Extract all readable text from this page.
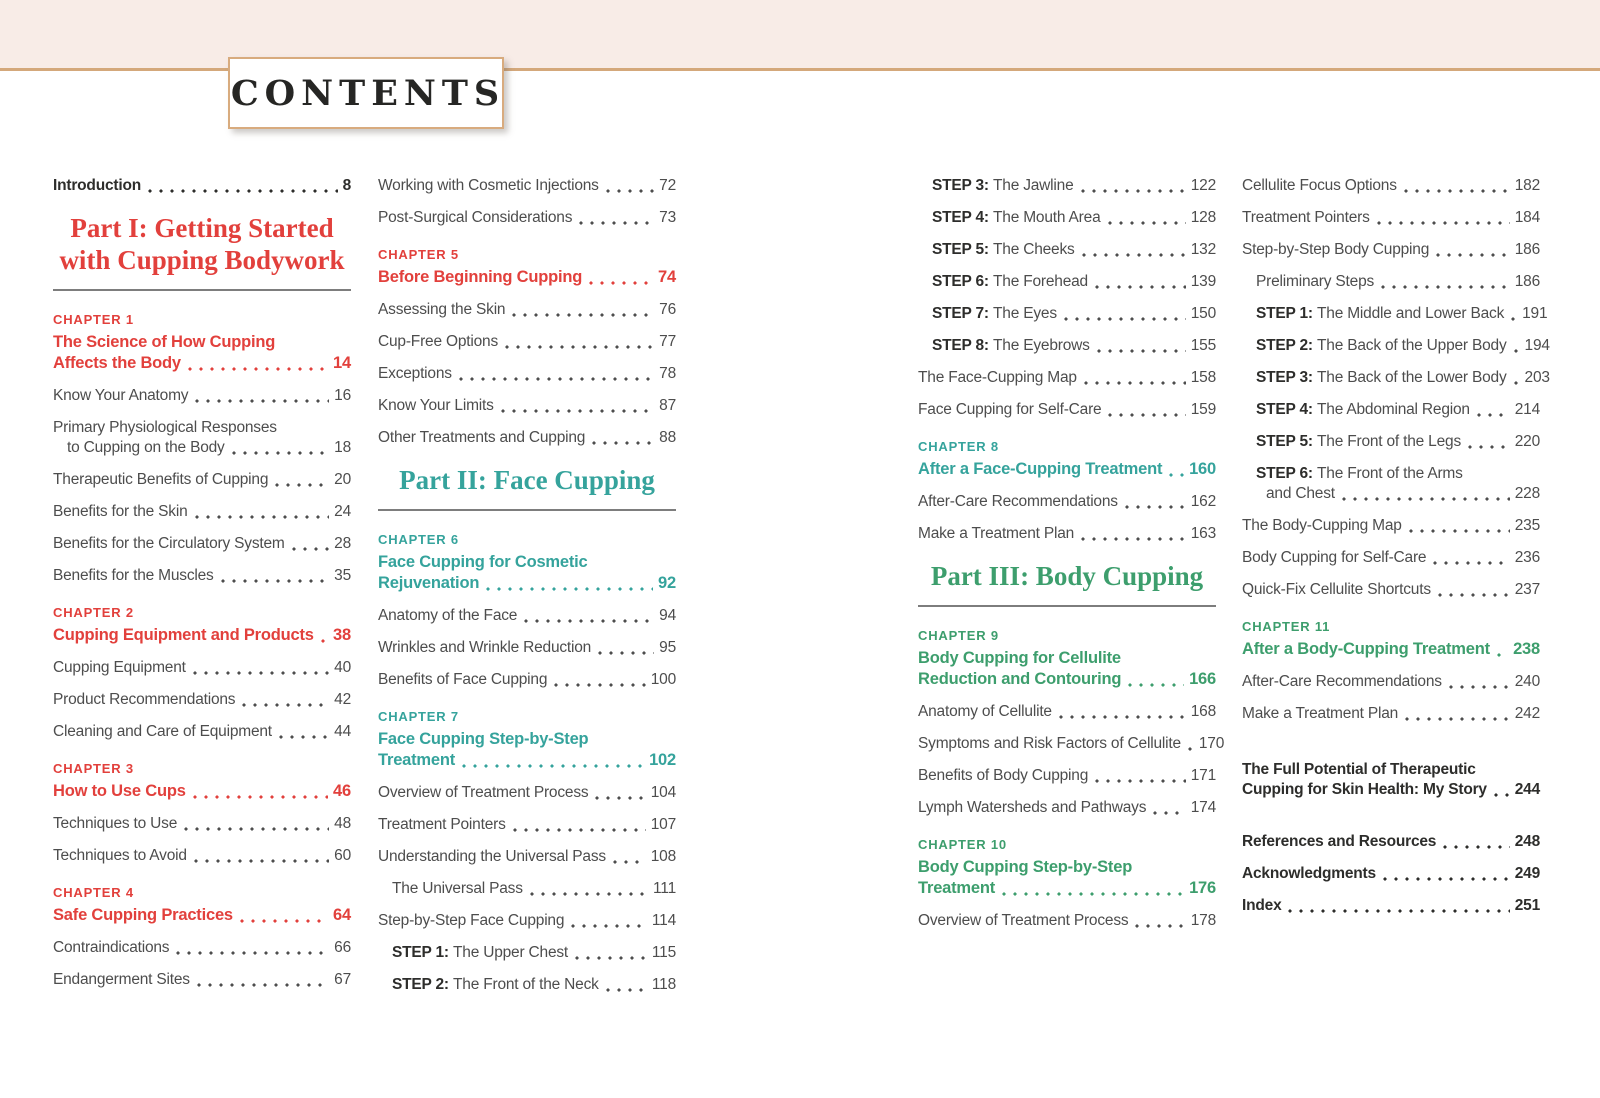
CONTENTS
Introduction	8
Part I: Getting Started
with Cupping Bodywork
CHAPTER 1
The Science of How Cupping
Affects the Body	14
Know Your Anatomy	16
Primary Physiological Responses
to Cupping on the Body	18
Therapeutic Benefits of Cupping	20
Benefits for the Skin	24
Benefits for the Circulatory System	28
Benefits for the Muscles	35
CHAPTER 2
Cupping Equipment and Products 38
Cupping Equipment	40
Product Recommendations	42
Cleaning and Care of Equipment	44
CHAPTER 3
How to Use Cups	46
Techniques to Use	48
Techniques to Avoid	60
CHAPTER 4
Safe Cupping Practices	64
Contraindications	66
Endangerment Sites	67
Working with Cosmetic Injections	72
Post-Surgical Considerations	73
CHAPTER 5
Before Beginning Cupping	74
Assessing the Skin	76
Cup-Free Options	77
Exceptions	78
Know Your Limits	87
Other Treatments and Cupping	88
Part II: Face Cupping
CHAPTER 6
Face Cupping for Cosmetic
Rejuvenation	92
Anatomy of the Face	94
Wrinkles and Wrinkle Reduction	95
Benefits of Face Cupping	100
CHAPTER 7
Face Cupping Step-by-Step
Treatment	102
Overview of Treatment Process	104
Treatment Pointers	107
Understanding the Universal Pass	108
The Universal Pass	111
Step-by-Step Face Cupping	114
STEP 1: The Upper Chest	115
STEP 2: The Front of the Neck	118
STEP 3: The Jawline	122
STEP 4: The Mouth Area	128
STEP 5: The Cheeks	132
STEP 6: The Forehead	139
STEP 7: The Eyes	150
STEP 8: The Eyebrows	155
The Face-Cupping Map	158
Face Cupping for Self-Care	159
CHAPTER 8
After a Face-Cupping Treatment 160
After-Care Recommendations	162
Make a Treatment Plan	163
Part III: Body Cupping
CHAPTER 9
Body Cupping for Cellulite
Reduction and Contouring	166
Anatomy of Cellulite	168
Symptoms and Risk Factors of Cellulite 170
Benefits of Body Cupping	171
Lymph Watersheds and Pathways	174
CHAPTER 10
Body Cupping Step-by-Step
Treatment	176
Overview of Treatment Process	178
Cellulite Focus Options	182
Treatment Pointers	184
Step-by-Step Body Cupping	186
Preliminary Steps	186
STEP 1: The Middle and Lower Back 191
STEP 2: The Back of the Upper Body 194
STEP 3: The Back of the Lower Body 203
STEP 4: The Abdominal Region	214
STEP 5: The Front of the Legs	220
STEP 6: The Front of the Arms
and Chest	228
The Body-Cupping Map	235
Body Cupping for Self-Care	236
Quick-Fix Cellulite Shortcuts	237
CHAPTER 11
After a Body-Cupping Treatment 238
After-Care Recommendations	240
Make a Treatment Plan	242
The Full Potential of Therapeutic
Cupping for Skin Health: My Story 244
References and Resources	248
Acknowledgments	249
Index	251
